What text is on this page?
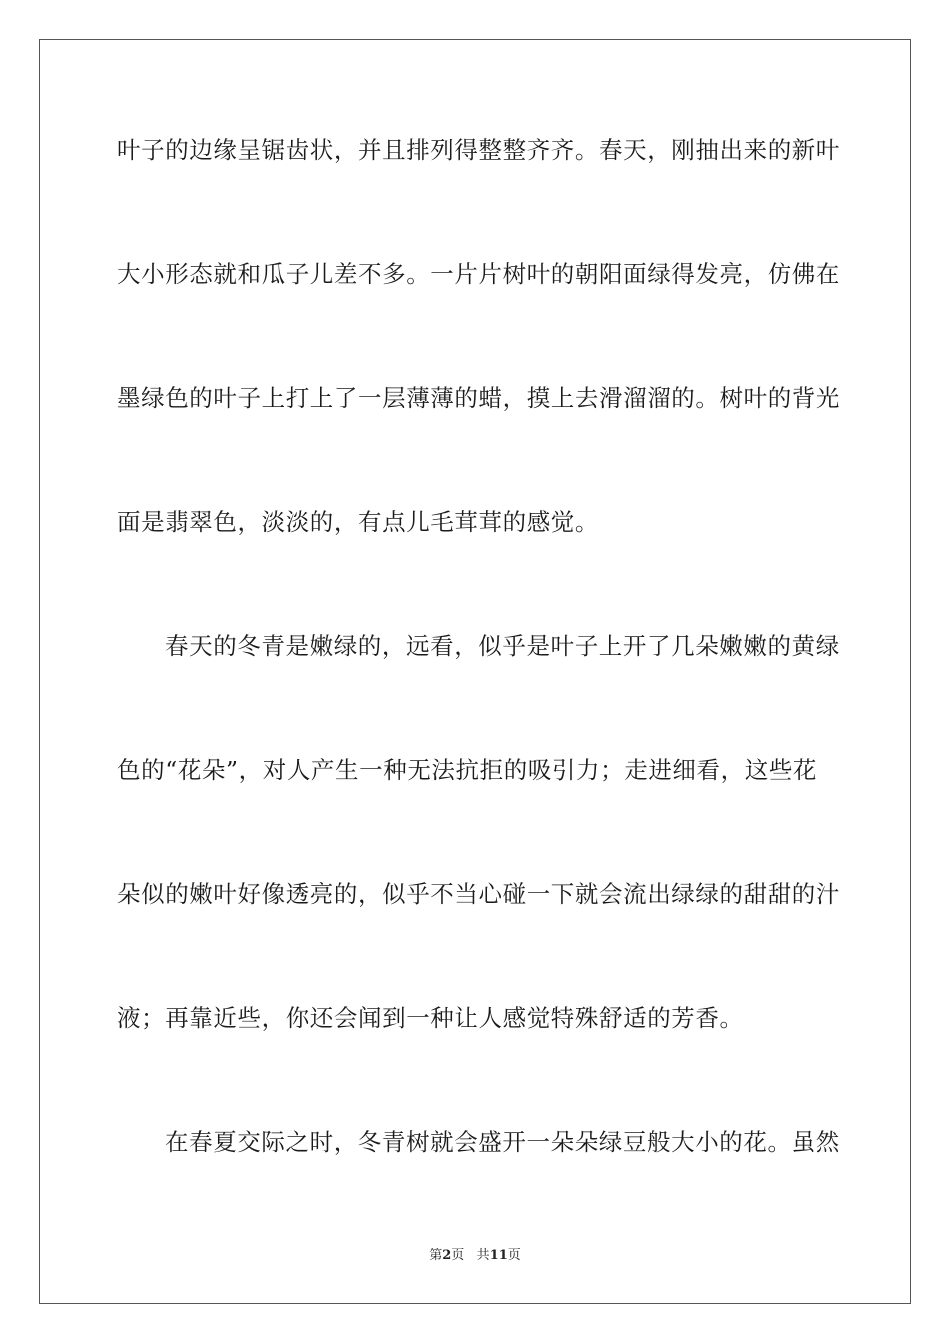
叶子的边缘呈锯齿状，并且排列得整整齐齐。春天，刚抽出来的新叶
大小形态就和瓜子儿差不多。一片片树叶的朝阳面绿得发亮，仿佛在
墨绿色的叶子上打上了一层薄薄的蜡，摸上去滑溜溜的。树叶的背光
面是翡翠色，淡淡的，有点儿毛茸茸的感觉。
春天的冬青是嫩绿的，远看，似乎是叶子上开了几朵嫩嫩的黄绿
色的“花朵”，对人产生一种无法抗拒的吸引力；走进细看，这些花
朵似的嫩叶好像透亮的，似乎不当心碰一下就会流出绿绿的甜甜的汁
液；再靠近些，你还会闻到一种让人感觉特殊舒适的芳香。
在春夏交际之时，冬青树就会盛开一朵朵绿豆般大小的花。虽然
第2页 共11页
